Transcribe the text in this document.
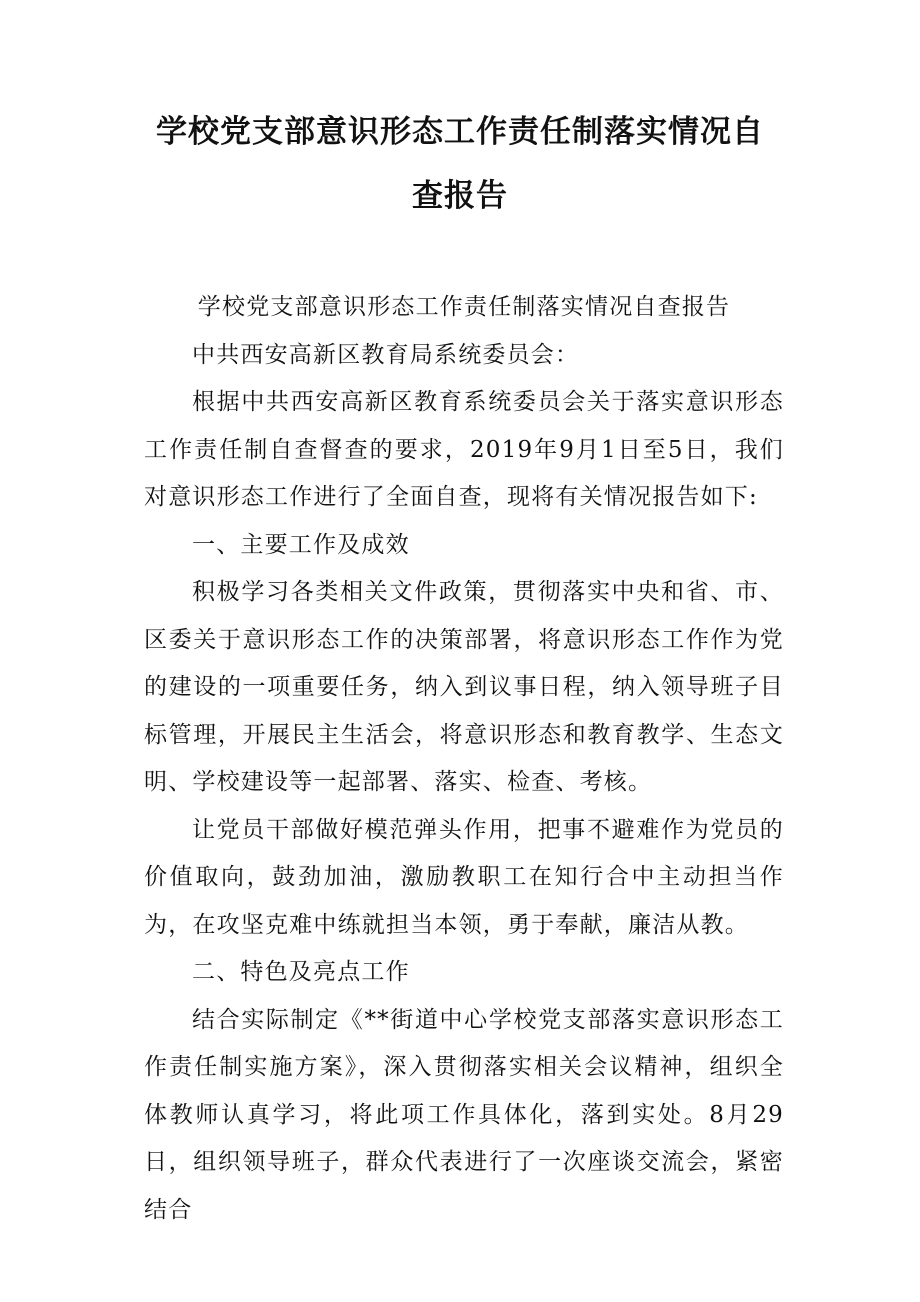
学校党支部意识形态工作责任制落实情况自
查报告

学校党支部意识形态工作责任制落实情况自查报告

中共西安高新区教育局系统委员会：

根据中共西安高新区教育系统委员会关于落实意识形态工作责任制自查督查的要求，2019年9月1日至5日，我们对意识形态工作进行了全面自查，现将有关情况报告如下:

一、主要工作及成效

积极学习各类相关文件政策，贯彻落实中央和省、市、区委关于意识形态工作的决策部署，将意识形态工作作为党的建设的一项重要任务，纳入到议事日程，纳入领导班子目标管理，开展民主生活会，将意识形态和教育教学、生态文明、学校建设等一起部署、落实、检查、考核。

让党员干部做好模范弹头作用，把事不避难作为党员的价值取向，鼓劲加油，激励教职工在知行合中主动担当作为，在攻坚克难中练就担当本领，勇于奉献，廉洁从教。

二、特色及亮点工作

结合实际制定《**街道中心学校党支部落实意识形态工作责任制实施方案》，深入贯彻落实相关会议精神，组织全体教师认真学习，将此项工作具体化，落到实处。8月29日，组织领导班子，群众代表进行了一次座谈交流会，紧密结合
